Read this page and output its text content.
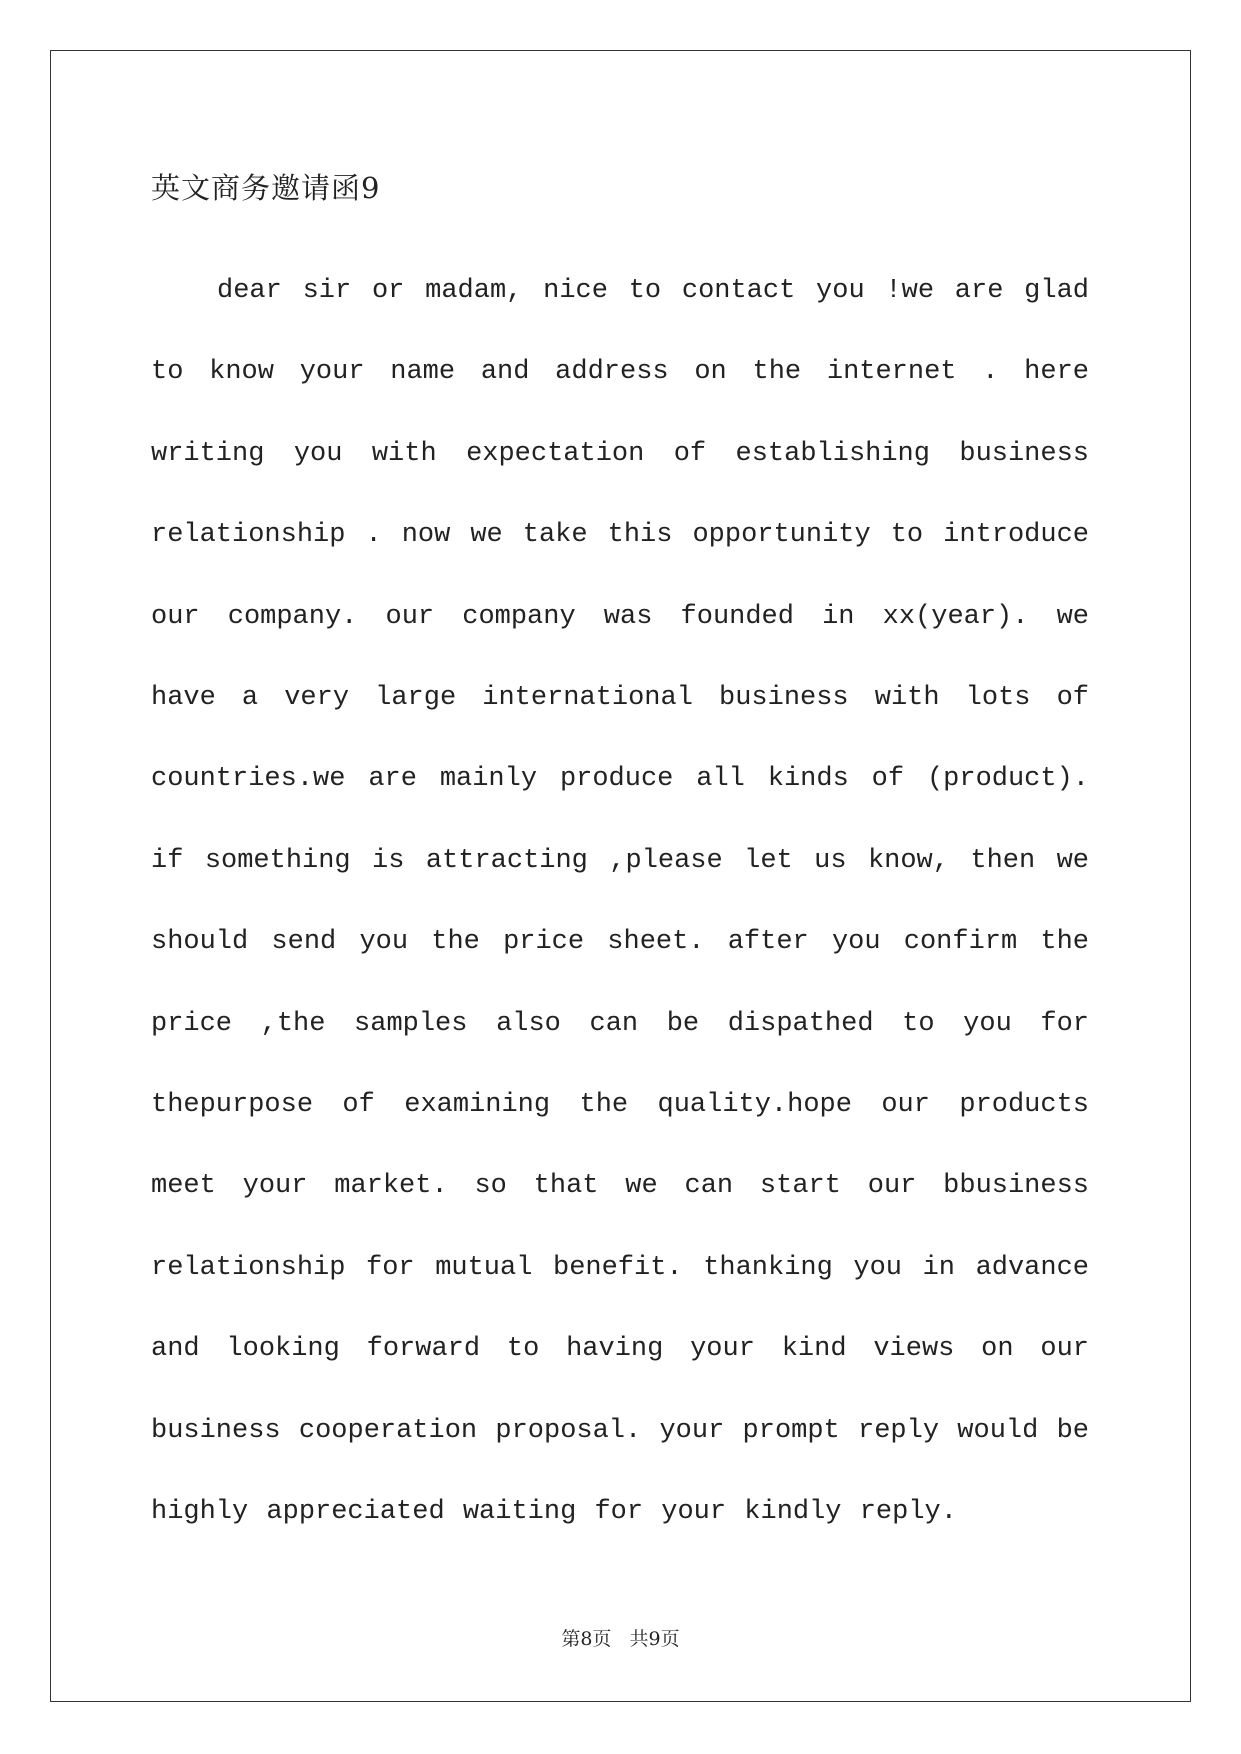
英文商务邀请函9

dear sir or madam, nice to contact you !we are glad to know your name and address on the internet . here writing you with expectation of establishing business relationship . now we take this opportunity to introduce our company. our company was founded in xx(year). we have a very large international business with lots of countries.we are mainly produce all kinds of (product). if something is attracting ,please let us know, then we should send you the price sheet. after you confirm the price ,the samples also can be dispathed to you for thepurpose of examining the quality.hope our products meet your market. so that we can start our bbusiness relationship for mutual benefit. thanking you in advance and looking forward to having your kind views on our business cooperation proposal. your prompt reply would be highly appreciated waiting for your kindly reply.

第8页   共9页
